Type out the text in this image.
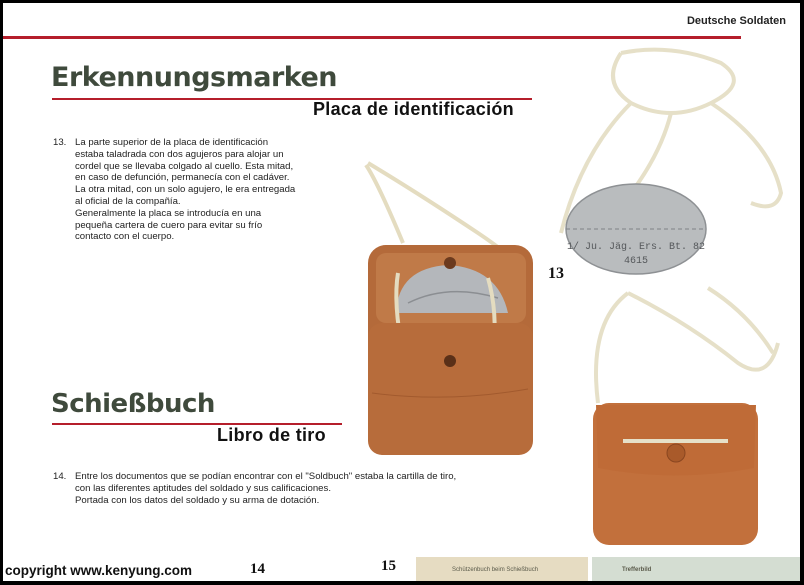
Deutsche Soldaten
Erkennungsmarken
Placa de identificación
13. La parte superior de la placa de identificación
estaba taladrada con dos agujeros para alojar un
cordel que se llevaba colgado al cuello. Esta mitad,
en caso de defunción, permanecía con el cadáver.
La otra mitad, con un solo agujero, le era entregada
al oficial de la compañía.
Generalmente la placa se introducía en una
pequeña cartera de cuero para evitar su frío
contacto con el cuerpo.
Schießbuch
Libro de tiro
14. Entre los documentos que se podían encontrar con el "Soldbuch" estaba la cartilla de tiro,
con las diferentes aptitudes del soldado y sus calificaciones.
Portada con los datos del soldado y su arma de dotación.
1/ Ju. Jäg. Ers. Bt. 82
4615
13
14	15	Schützenbuch beim Schießbuch	Trefferbild
copyright www.kenyung.com
